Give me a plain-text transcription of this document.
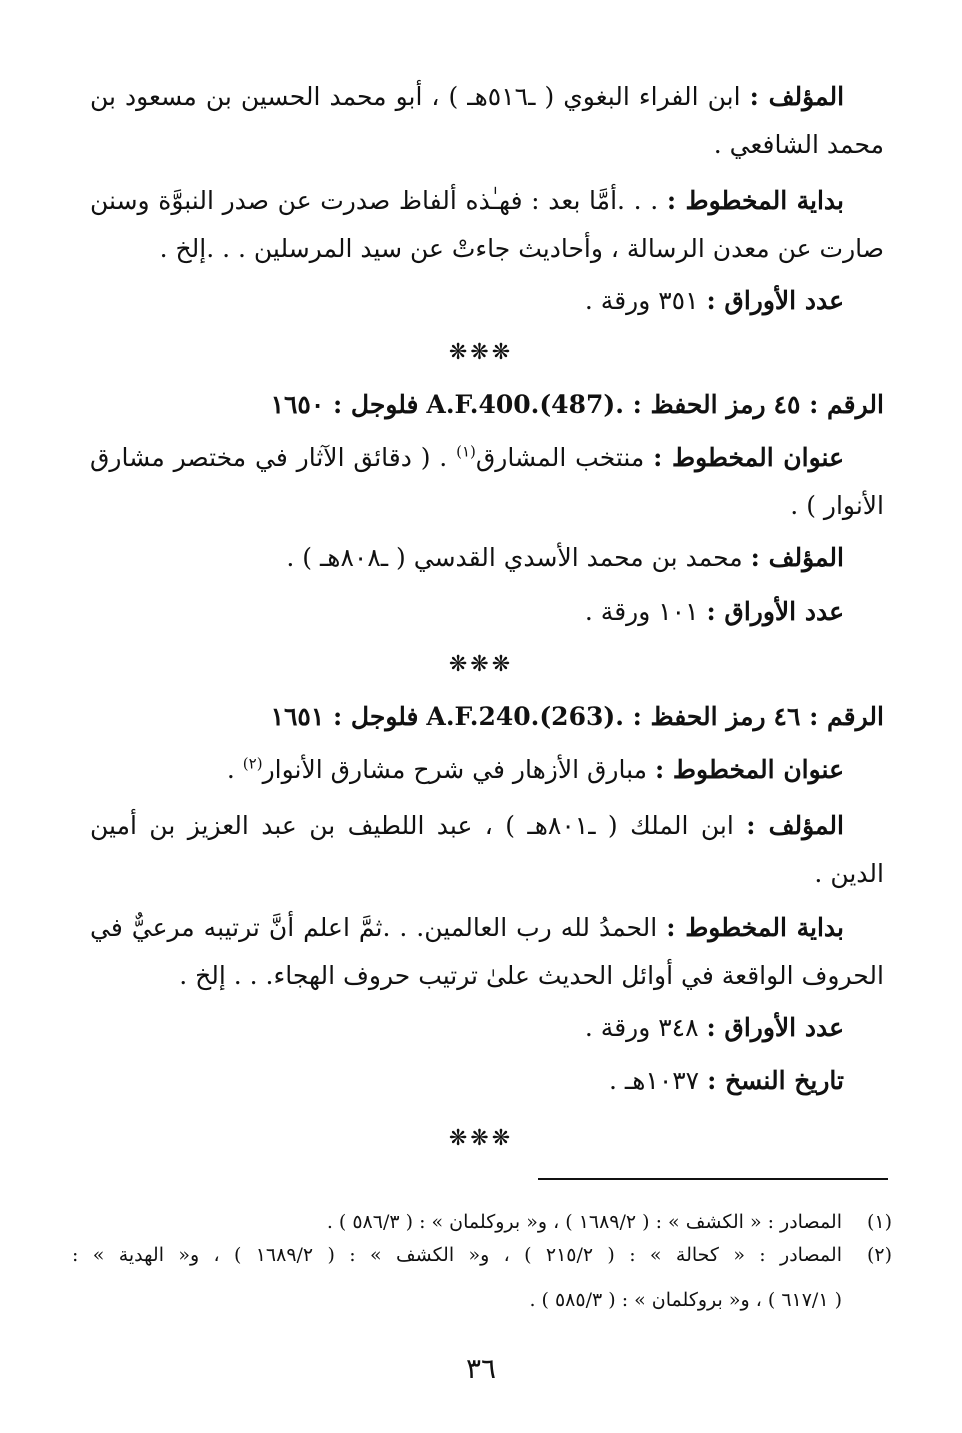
المؤلف : ابن الفراء البغوي ( ـ٥١٦هـ ) ، أبو محمد الحسين بن مسعود بن
محمد الشافعي .
بداية المخطوط : . . .أمَّا بعد : فهـٰذه ألفاظ صدرت عن صدر النبوَّة وسنن
صارت عن معدن الرسالة ، وأحاديث جاءتْ عن سيد المرسلين . . .إلخ .
عدد الأوراق : ٣٥١ ورقة .
❋❋❋
الرقم : ٤٥ رمز الحفظ : .A.F.400.(487) فلوجل : ١٦٥٠
عنوان المخطوط : منتخب المشارق$^{(١)}$ . ( دقائق الآثار في مختصر مشارق
الأنوار ) .
المؤلف : محمد بن محمد الأسدي القدسي ( ـ٨٠٨هـ ) .
عدد الأوراق : ١٠١ ورقة .
❋❋❋
الرقم : ٤٦ رمز الحفظ : .A.F.240.(263) فلوجل : ١٦٥١
عنوان المخطوط : مبارق الأزهار في شرح مشارق الأنوار$^{(٢)}$ .
المؤلف : ابن الملك ( ـ٨٠١هـ ) ، عبد اللطيف بن عبد العزيز بن أمين
الدين .
بداية المخطوط : الحمدُ لله رب العالمين. . .ثمَّ اعلم أنَّ ترتيبه مرعيٌّ في
الحروف الواقعة في أوائل الحديث علىٰ ترتيب حروف الهجاء. . . إلخ .
عدد الأوراق : ٣٤٨ ورقة .
تاريخ النسخ : ١٠٣٧هـ .
❋❋❋
(١)
المصادر : « الكشف » : ( ١٦٨٩/٢ ) ، و« بروكلمان » : ( ٥٨٦/٣ ) .
(٢)
المصادر : « كحالة » : ( ٢١٥/٢ ) ، و« الكشف » : ( ١٦٨٩/٢ ) ، و« الهدية » :
( ٦١٧/١ ) ، و« بروكلمان » : ( ٥٨٥/٣ ) .
٣٦
